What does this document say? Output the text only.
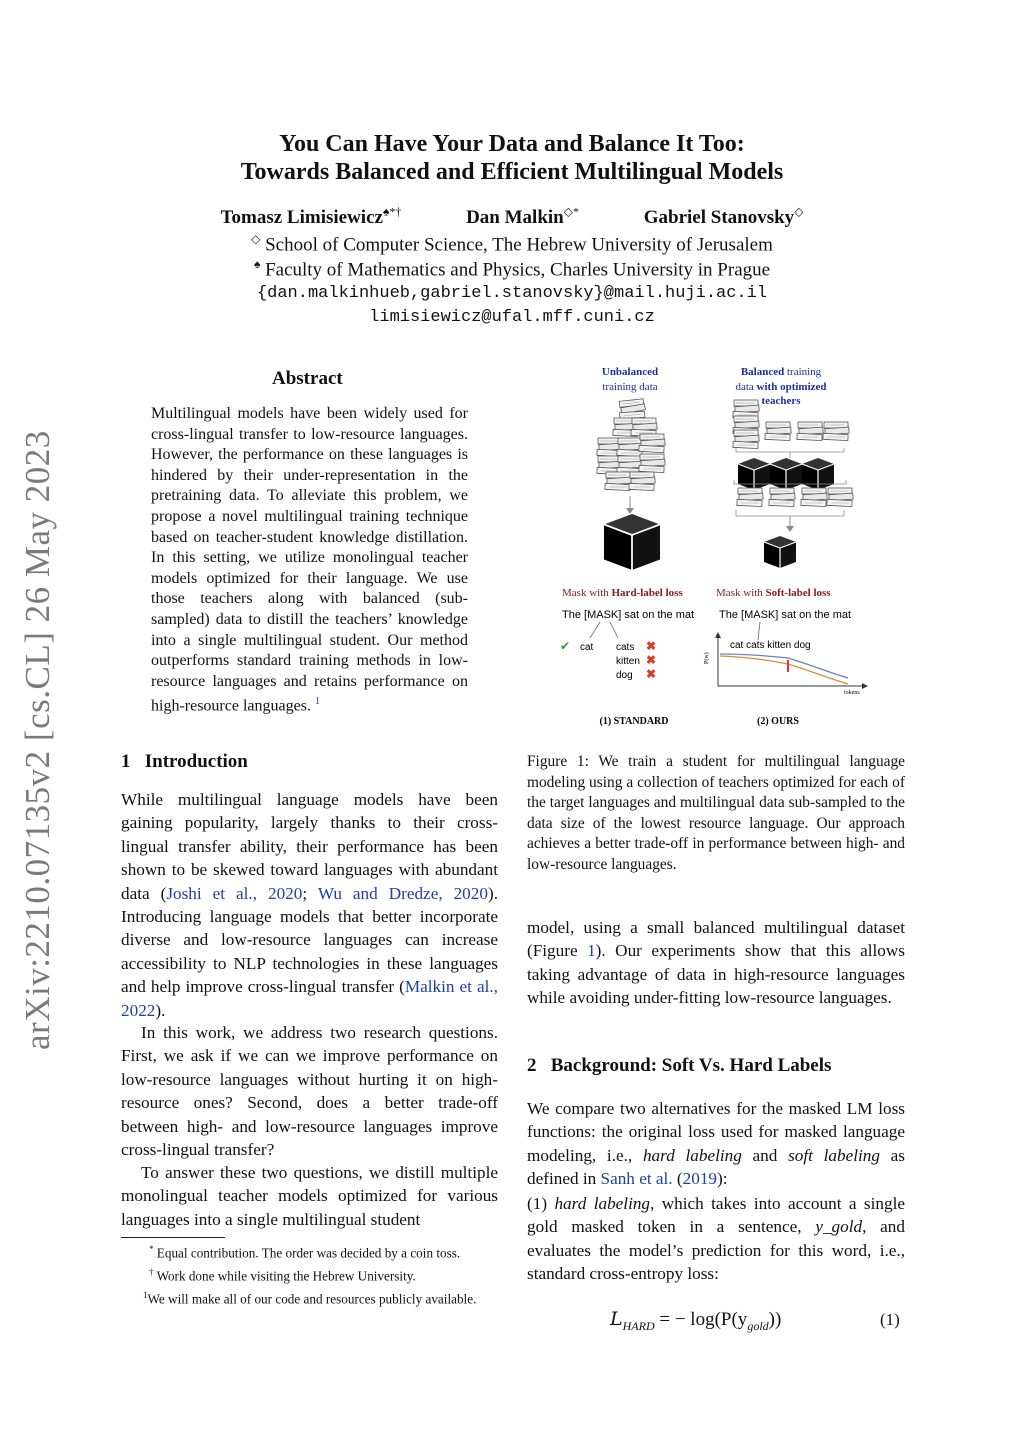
arXiv:2210.07135v2 [cs.CL] 26 May 2023
You Can Have Your Data and Balance It Too:
Towards Balanced and Efficient Multilingual Models
Tomasz Limisiewicz♠*†	Dan Malkin◇*	Gabriel Stanovsky◇
◇ School of Computer Science, The Hebrew University of Jerusalem
♠ Faculty of Mathematics and Physics, Charles University in Prague
{dan.malkinhueb,gabriel.stanovsky}@mail.huji.ac.il
limisiewicz@ufal.mff.cuni.cz
Abstract
Multilingual models have been widely used for cross-lingual transfer to low-resource languages. However, the performance on these languages is hindered by their under-representation in the pretraining data. To alleviate this problem, we propose a novel multilingual training technique based on teacher-student knowledge distillation. In this setting, we utilize monolingual teacher models optimized for their language. We use those teachers along with balanced (sub-sampled) data to distill the teachers’ knowledge into a single multilingual student. Our method outperforms standard training methods in low-resource languages and retains performance on high-resource languages. $^1$
1 Introduction
While multilingual language models have been gaining popularity, largely thanks to their cross-lingual transfer ability, their performance has been shown to be skewed toward languages with abundant data (Joshi et al., 2020; Wu and Dredze, 2020). Introducing language models that better incorporate diverse and low-resource languages can increase accessibility to NLP technologies in these languages and help improve cross-lingual transfer (Malkin et al., 2022).
In this work, we address two research questions. First, we ask if we can we improve performance on low-resource languages without hurting it on high-resource ones? Second, does a better trade-off between high- and low-resource languages improve cross-lingual transfer?
To answer these two questions, we distill multiple monolingual teacher models optimized for various languages into a single multilingual student
* Equal contribution. The order was decided by a coin toss.
† Work done while visiting the Hebrew University.
$^1$We will make all of our code and resources publicly available.
Unbalanced
training data
Balanced training
data with optimized
teachers
Mask with Hard-label loss	Mask with Soft-label loss
The [MASK] sat on the mat The [MASK] sat on the mat
✔ cat cats
kitten
dog
✖
✖
✖
cat cats kitten dog
P(w)
tokens
(1) STANDARD	(2) OURS
Figure 1: We train a student for multilingual language modeling using a collection of teachers optimized for each of the target languages and multilingual data sub-sampled to the data size of the lowest resource language. Our approach achieves a better trade-off in performance between high- and low-resource languages.
model, using a small balanced multilingual dataset (Figure 1). Our experiments show that this allows taking advantage of data in high-resource languages while avoiding under-fitting low-resource languages.
2 Background: Soft Vs. Hard Labels
We compare two alternatives for the masked LM loss functions: the original loss used for masked language modeling, i.e., hard labeling and soft labeling as defined in Sanh et al. (2019):
(1) hard labeling, which takes into account a single gold masked token in a sentence, y_gold, and evaluates the model’s prediction for this word, i.e., standard cross-entropy loss:
$L_{HARD}$ = − $\log(P(y_{gold}))$	(1)
